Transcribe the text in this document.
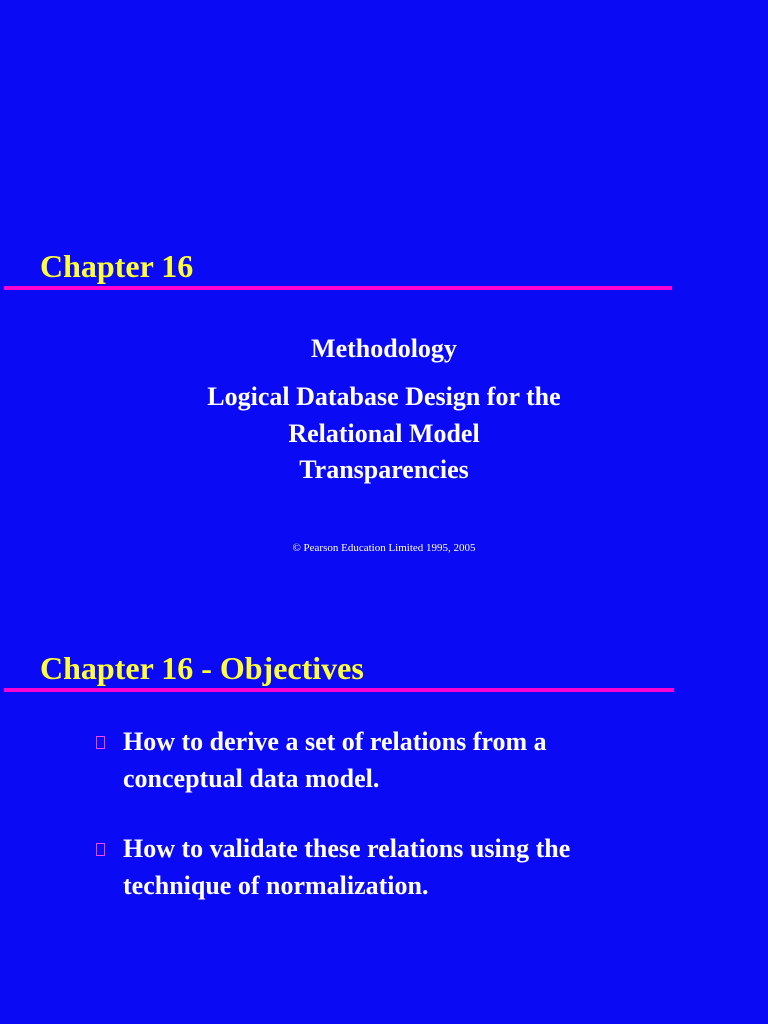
Chapter 16
Methodology
Logical Database Design for the
Relational Model
Transparencies
© Pearson Education Limited 1995, 2005
Chapter 16 - Objectives
How to derive a set of relations from a
conceptual data model.
How to validate these relations using the
technique of normalization.
